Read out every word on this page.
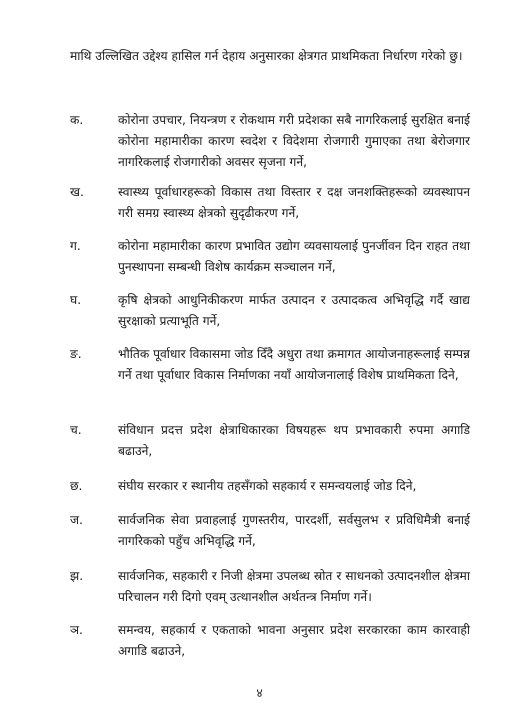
माथि उल्लिखित उद्देश्य हासिल गर्न देहाय अनुसारका क्षेत्रगत प्राथमिकता निर्धारण गरेको छु।

क.	कोरोना उपचार, नियन्त्रण र रोकथाम गरी प्रदेशका सबै नागरिकलाई सुरक्षित बनाई कोरोना महामारीका कारण स्वदेश र विदेशमा रोजगारी गुमाएका तथा बेरोजगार नागरिकलाई रोजगारीको अवसर सृजना गर्ने,

ख.	स्वास्थ्य पूर्वाधारहरूको विकास तथा विस्तार र दक्ष जनशक्तिहरूको व्यवस्थापन गरी समग्र स्वास्थ्य क्षेत्रको सुदृढीकरण गर्ने,

ग.	कोरोना महामारीका कारण प्रभावित उद्योग व्यवसायलाई पुनर्जीवन दिन राहत तथा पुनस्थापना सम्बन्धी विशेष कार्यक्रम सञ्चालन गर्ने,

घ.	कृषि क्षेत्रको आधुनिकीकरण मार्फत उत्पादन र उत्पादकत्व अभिवृद्धि गर्दै खाद्य सुरक्षाको प्रत्याभूति गर्ने,

ङ.	भौतिक पूर्वाधार विकासमा जोड दिँदै अधुरा तथा क्रमागत आयोजनाहरूलाई सम्पन्न गर्ने तथा पूर्वाधार विकास निर्माणका नयाँ आयोजनालाई विशेष प्राथमिकता दिने,

च.	संविधान प्रदत्त प्रदेश क्षेत्राधिकारका विषयहरू थप प्रभावकारी रुपमा अगाडि बढाउने,

छ.	संघीय सरकार र स्थानीय तहसँगको सहकार्य र समन्वयलाई जोड दिने,

ज.	सार्वजनिक सेवा प्रवाहलाई गुणस्तरीय, पारदर्शी, सर्वसुलभ र प्रविधिमैत्री बनाई नागरिकको पहुँच अभिवृद्धि गर्ने,

झ.	सार्वजनिक, सहकारी र निजी क्षेत्रमा उपलब्ध स्रोत र साधनको उत्पादनशील क्षेत्रमा परिचालन गरी दिगो एवम् उत्थानशील अर्थतन्त्र निर्माण गर्ने।

ञ.	समन्वय, सहकार्य र एकताको भावना अनुसार प्रदेश सरकारका काम कारवाही अगाडि बढाउने,

४
